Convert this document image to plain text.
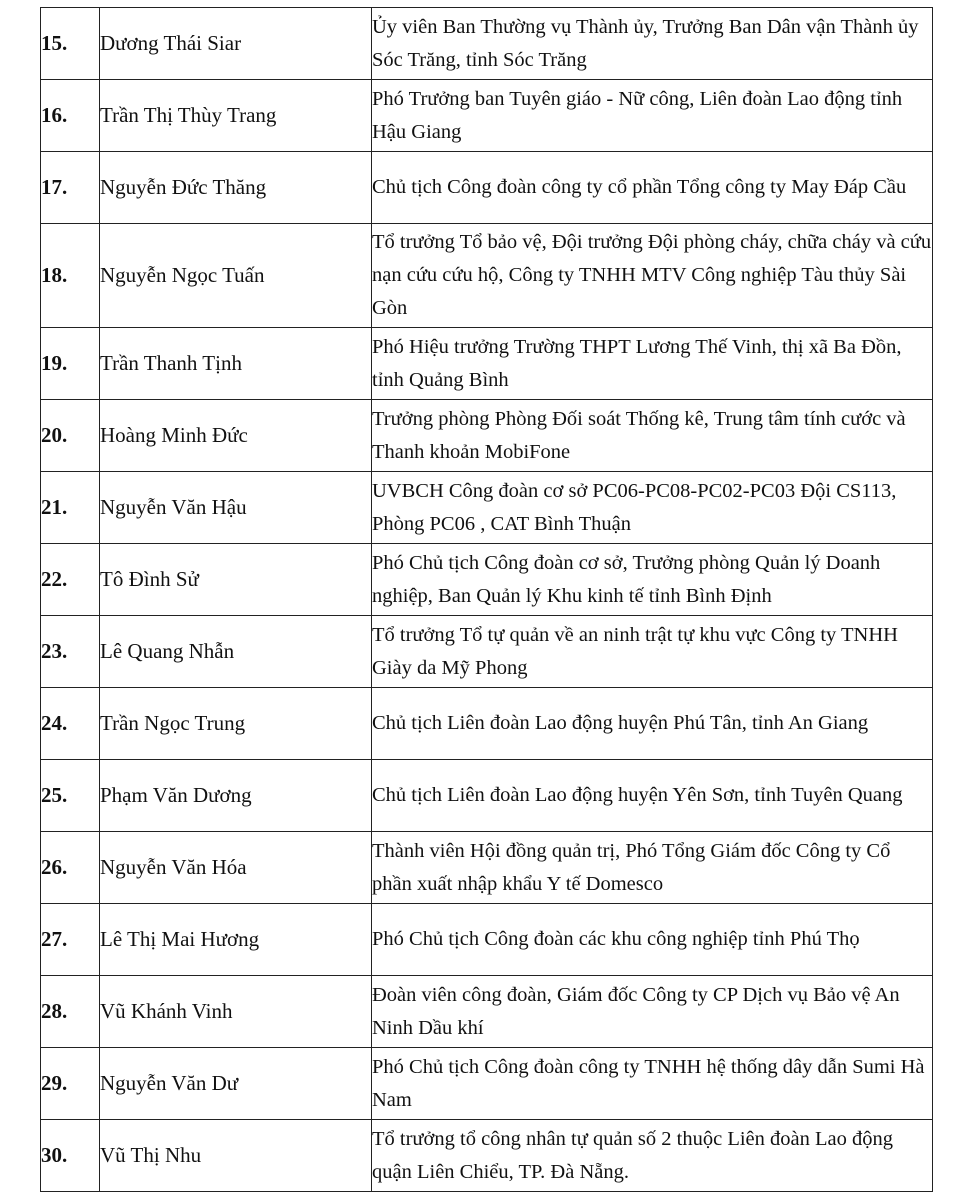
15.	Dương Thái Siar	Ủy viên Ban Thường vụ Thành ủy, Trưởng Ban Dân vận Thành ủy Sóc Trăng, tỉnh Sóc Trăng
16.	Trần Thị Thùy Trang	Phó Trưởng ban Tuyên giáo - Nữ công, Liên đoàn Lao động tỉnh Hậu Giang
17.	Nguyễn Đức Thăng	Chủ tịch Công đoàn công ty cổ phần Tổng công ty May Đáp Cầu
18.	Nguyễn Ngọc Tuấn	Tổ trưởng Tổ bảo vệ, Đội trưởng Đội phòng cháy, chữa cháy và cứu nạn cứu cứu hộ, Công ty TNHH MTV Công nghiệp Tàu thủy Sài Gòn
19.	Trần Thanh Tịnh	Phó Hiệu trưởng Trường THPT Lương Thế Vinh, thị xã Ba Đồn, tỉnh Quảng Bình
20.	Hoàng Minh Đức	Trưởng phòng Phòng Đối soát Thống kê, Trung tâm tính cước và Thanh khoản MobiFone
21.	Nguyễn Văn Hậu	UVBCH Công đoàn cơ sở PC06-PC08-PC02-PC03 Đội CS113, Phòng PC06 , CAT Bình Thuận
22.	Tô Đình Sử	Phó Chủ tịch Công đoàn cơ sở, Trưởng phòng Quản lý Doanh nghiệp, Ban Quản lý Khu kinh tế tỉnh Bình Định
23.	Lê Quang Nhẫn	Tổ trưởng Tổ tự quản về an ninh trật tự khu vực Công ty TNHH Giày da Mỹ Phong
24.	Trần Ngọc Trung	Chủ tịch Liên đoàn Lao động huyện Phú Tân, tỉnh An Giang
25.	Phạm Văn Dương	Chủ tịch Liên đoàn Lao động huyện Yên Sơn, tỉnh Tuyên Quang
26.	Nguyễn Văn Hóa	Thành viên Hội đồng quản trị, Phó Tổng Giám đốc Công ty Cổ phần xuất nhập khẩu Y tế Domesco
27.	Lê Thị Mai Hương	Phó Chủ tịch Công đoàn các khu công nghiệp tỉnh Phú Thọ
28.	Vũ Khánh Vinh	Đoàn viên công đoàn, Giám đốc Công ty CP Dịch vụ Bảo vệ An Ninh Dầu khí
29.	Nguyễn Văn Dư	Phó Chủ tịch Công đoàn công ty TNHH hệ thống dây dẫn Sumi Hà Nam
30.	Vũ Thị Nhu	Tổ trưởng tổ công nhân tự quản số 2 thuộc Liên đoàn Lao động quận Liên Chiểu, TP. Đà Nẵng.
